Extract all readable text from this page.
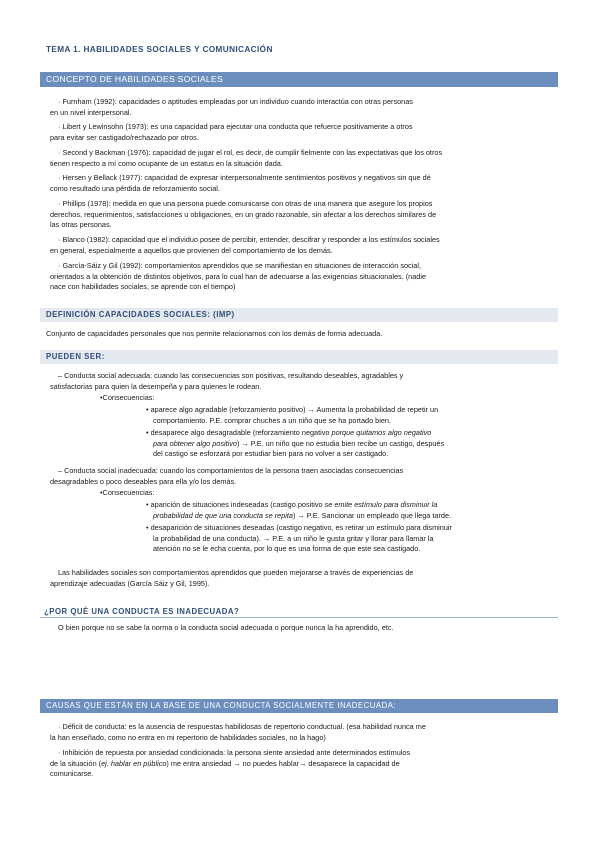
TEMA 1. HABILIDADES SOCIALES Y COMUNICACIÓN
CONCEPTO DE HABILIDADES SOCIALES
· Furnham (1992): capacidades o aptitudes empleadas por un individuo cuando interactúa con otras personas
en un nivel interpersonal.
· Libert y Lewinsohn (1973): es una capacidad para ejecutar una conducta que refuerce positivamente a otros
para evitar ser castigado/rechazado por otros.
· Second y Backman (1976): capacidad de jugar el rol, es decir, de cumplir fielmente con las expectativas que los otros
tienen respecto a mí como ocupante de un estatus en la situación dada.
· Hersen y Bellack (1977): capacidad de expresar interpersonalmente sentimientos positivos y negativos sin que dé
como resultado una pérdida de reforzamiento social.
· Phillips (1978): medida en que una persona puede comunicarse con otras de una manera que asegure los propios
derechos, requerimientos, satisfacciones u obligaciones, en un grado razonable, sin afectar a los derechos similares de
las otras personas.
· Blanco (1982): capacidad que el individuo posee de percibir, entender, descifrar y responder a los estímulos sociales
en general, especialmente a aquellos que provienen del comportamiento de los demás.
· García-Sáiz y Gil (1992): comportamientos aprendidos que se manifiestan en situaciones de interacción social,
orientados a la obtención de distintos objetivos, para lo cual han de adecuarse a las exigencias situacionales. (nadie
nace con habilidades sociales, se aprende con el tiempo)
DEFINICIÓN CAPACIDADES SOCIALES: (IMP)
Conjunto de capacidades personales que nos permite relacionarnos con los demás de forma adecuada.
PUEDEN SER:
– Conducta social adecuada: cuando las consecuencias son positivas, resultando deseables, agradables y
satisfactorias para quien la desempeña y para quienes le rodean.
•Consecuencias:
• aparece algo agradable (reforzamiento positivo) → Aumenta la probabilidad de repetir un
comportamiento. P.E. comprar chuches a un niño que se ha portado bien.
• desaparece algo desagradable (reforzamiento negativo porque quitamos algo negativo
para obtener algo positivo) → P.E. un niño que no estudia bien recibe un castigo, después
del castigo se esforzará por estudiar bien para no volver a ser castigado.
– Conducta social inadecuada: cuando los comportamientos de la persona traen asociadas consecuencias
desagradables o poco deseables para ella y/o los demás.
•Consecuencias:
• aparición de situaciones indeseadas (castigo positivo se emite estímulo para disminuir la
probabilidad de que una conducta se repita) → P.E. Sancionar un empleado que llega tarde.
• desaparición de situaciones deseadas (castigo negativo, es retirar un estímulo para disminuir
la probabilidad de una conducta). → P.E. a un niño le gusta gritar y llorar para llamar la
atención no se le echa cuenta, por lo que es una forma de que este sea castigado.
Las habilidades sociales son comportamientos aprendidos que pueden mejorarse a través de experiencias de
aprendizaje adecuadas (García Sáiz y Gil, 1995).
¿POR QUÉ UNA CONDUCTA ES INADECUADA?
O bien porque no se sabe la norma o la conducta social adecuada o porque nunca la ha aprendido, etc.
CAUSAS QUE ESTÁN EN LA BASE DE UNA CONDUCTA SOCIALMENTE INADECUADA:
· Déficit de conducta: es la ausencia de respuestas habilidosas de repertorio conductual. (esa habilidad nunca me
la han enseñado, como no entra en mi repertorio de habilidades sociales, no la hago)
· Inhibición de repuesta por ansiedad condicionada: la persona siente ansiedad ante determinados estímulos
de la situación (ej. hablar en público) me entra ansiedad → no puedes hablar→ desaparece la capacidad de
comunicarse.
